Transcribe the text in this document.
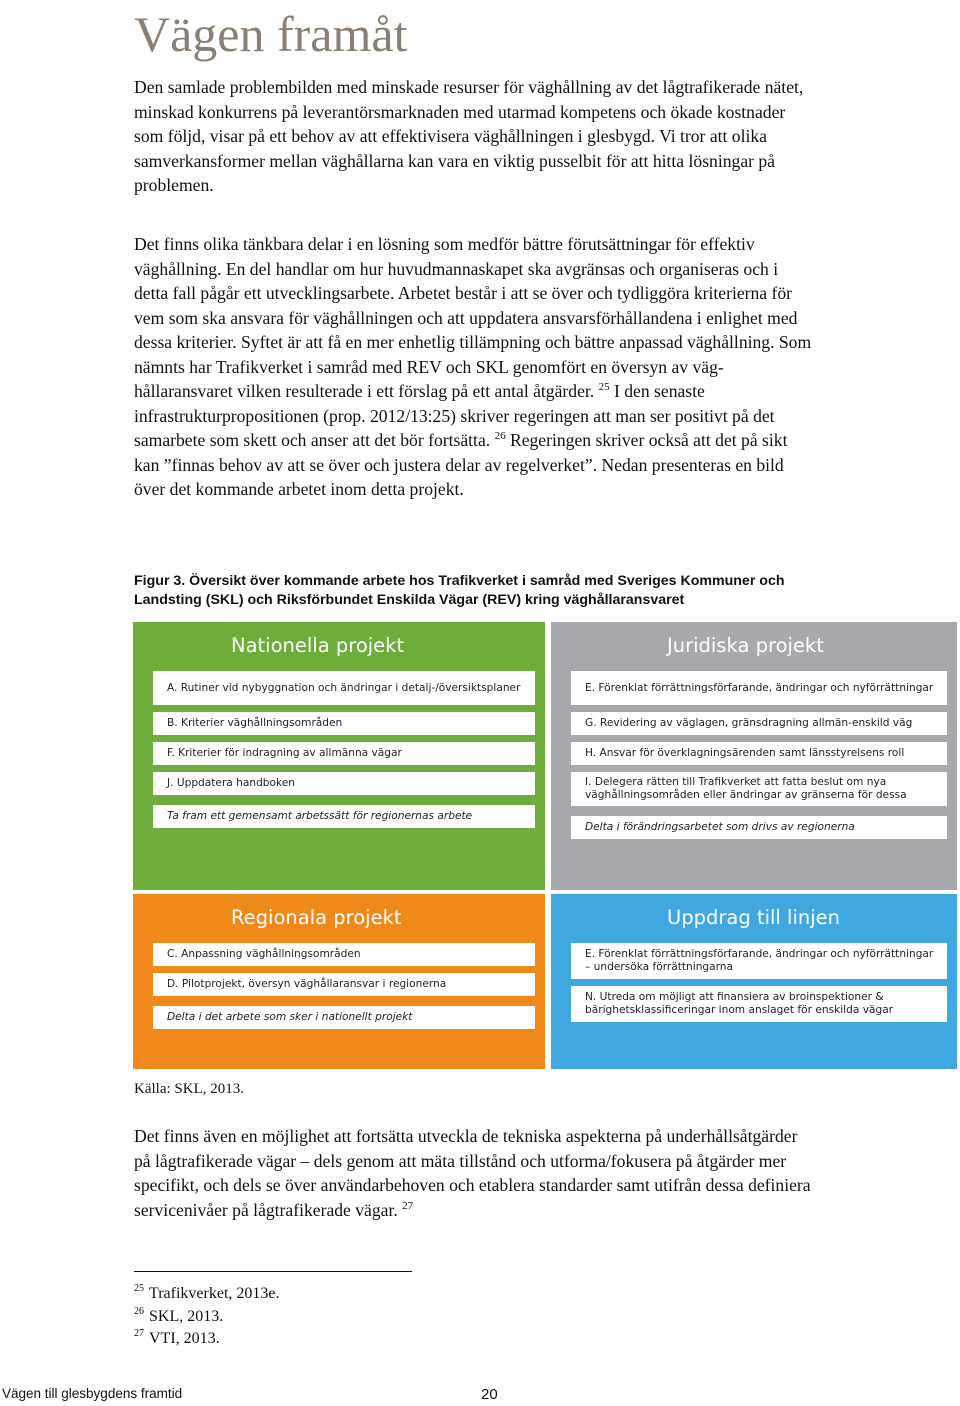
Vägen framåt

Den samlade problembilden med minskade resurser för väghållning av det lågtrafikerade nätet, minskad konkurrens på leverantörsmarknaden med utarmad kompetens och ökade kostnader som följd, visar på ett behov av att effektivisera väghållningen i glesbygd. Vi tror att olika samverkansformer mellan väghållarna kan vara en viktig pusselbit för att hitta lösningar på problemen.

Det finns olika tänkbara delar i en lösning som medför bättre förutsättningar för effektiv väghållning. En del handlar om hur huvudmannaskapet ska avgränsas och organiseras och i detta fall pågår ett utvecklingsarbete. Arbetet består i att se över och tydliggöra kriterierna för vem som ska ansvara för väghållningen och att uppdatera ansvarsförhållandena i enlighet med dessa kriterier. Syftet är att få en mer enhetlig tillämpning och bättre anpassad väghållning. Som nämnts har Trafikverket i samråd med REV och SKL genomfört en översyn av väg-hållaransvaret vilken resulterade i ett förslag på ett antal åtgärder. $^{25}$ I den senaste infrastrukturpropositionen (prop. 2012/13:25) skriver regeringen att man ser positivt på det samarbete som skett och anser att det bör fortsätta. $^{26}$ Regeringen skriver också att det på sikt kan ”finnas behov av att se över och justera delar av regelverket”. Nedan presenteras en bild över det kommande arbetet inom detta projekt.

Figur 3. Översikt över kommande arbete hos Trafikverket i samråd med Sveriges Kommuner och Landsting (SKL) och Riksförbundet Enskilda Vägar (REV) kring väghållaransvaret

Nationella projekt
A. Rutiner vid nybyggnation och ändringar i detalj-/översiktsplaner
B. Kriterier väghållningsområden
F. Kriterier för indragning av allmänna vägar
J. Uppdatera handboken
Ta fram ett gemensamt arbetssätt för regionernas arbete
Juridiska projekt
E. Förenklat förrättningsförfarande, ändringar och nyförrättningar
G. Revidering av väglagen, gränsdragning allmän-enskild väg
H. Ansvar för överklagningsärenden samt länsstyrelsens roll
I. Delegera rätten till Trafikverket att fatta beslut om nya väghållningsområden eller ändringar av gränserna för dessa
Delta i förändringsarbetet som drivs av regionerna
Regionala projekt
C. Anpassning väghållningsområden
D. Pilotprojekt, översyn väghållaransvar i regionerna
Delta i det arbete som sker i nationellt projekt
Uppdrag till linjen
E. Förenklat förrättningsförfarande, ändringar och nyförrättningar – undersöka förrättningarna
N. Utreda om möjligt att finansiera av broinspektioner & bärighetsklassificeringar inom anslaget för enskilda vägar

Källa: SKL, 2013.

Det finns även en möjlighet att fortsätta utveckla de tekniska aspekterna på underhållsåtgärder på lågtrafikerade vägar – dels genom att mäta tillstånd och utforma/fokusera på åtgärder mer specifikt, och dels se över användarbehoven och etablera standarder samt utifrån dessa definiera servicenivåer på lågtrafikerade vägar. $^{27}$

$^{25}$ Trafikverket, 2013e.

$^{26}$ SKL, 2013.

$^{27}$ VTI, 2013.

Vägen till glesbygdens framtid	20
